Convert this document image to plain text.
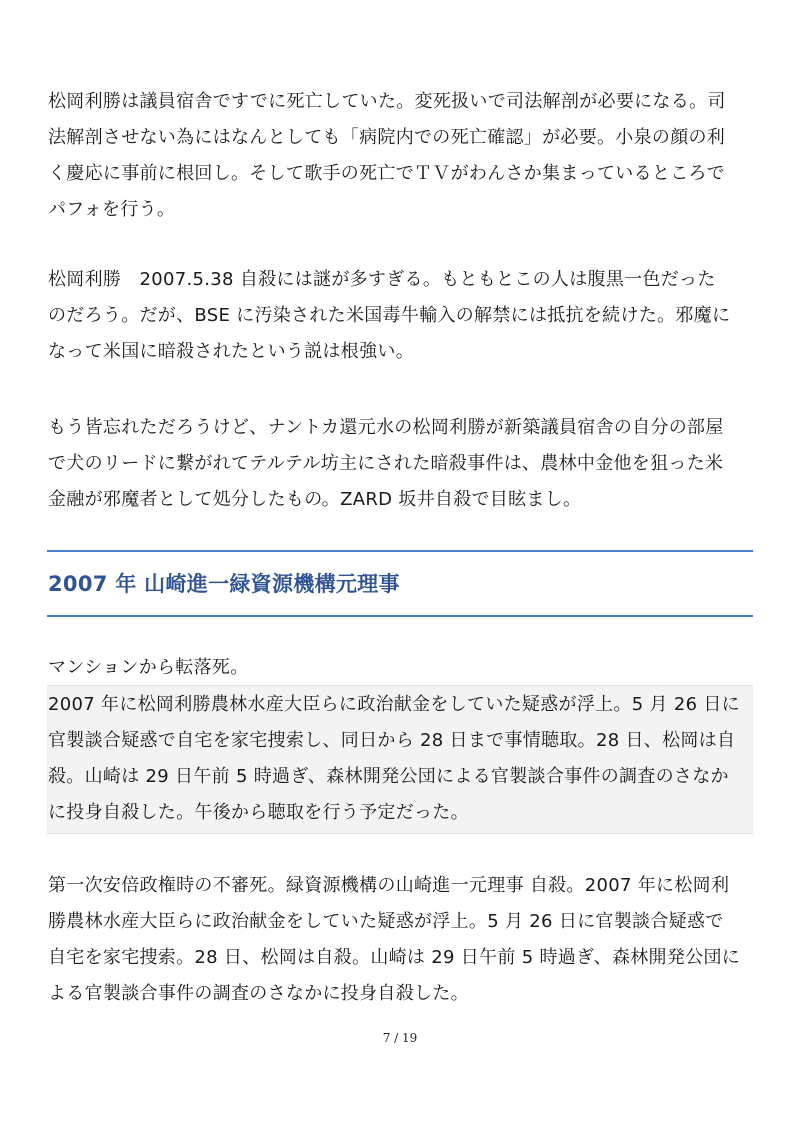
松岡利勝は議員宿舎ですでに死亡していた。変死扱いで司法解剖が必要になる。司
法解剖させない為にはなんとしても「病院内での死亡確認」が必要。小泉の顔の利
く慶応に事前に根回し。そして歌手の死亡でＴＶがわんさか集まっているところで
パフォを行う。

松岡利勝　2007.5.38 自殺には謎が多すぎる。もともとこの人は腹黒一色だった
のだろう。だが、BSE に汚染された米国毒牛輸入の解禁には抵抗を続けた。邪魔に
なって米国に暗殺されたという説は根強い。

もう皆忘れただろうけど、ナントカ還元水の松岡利勝が新築議員宿舎の自分の部屋
で犬のリードに繋がれてテルテル坊主にされた暗殺事件は、農林中金他を狙った米
金融が邪魔者として処分したもの。ZARD 坂井自殺で目眩まし。

2007 年 山崎進一緑資源機構元理事

マンションから転落死。

2007 年に松岡利勝農林水産大臣らに政治献金をしていた疑惑が浮上。5 月 26 日に
官製談合疑惑で自宅を家宅捜索し、同日から 28 日まで事情聴取。28 日、松岡は自
殺。山崎は 29 日午前 5 時過ぎ、森林開発公団による官製談合事件の調査のさなか
に投身自殺した。午後から聴取を行う予定だった。

第一次安倍政権時の不審死。緑資源機構の山崎進一元理事 自殺。2007 年に松岡利
勝農林水産大臣らに政治献金をしていた疑惑が浮上。5 月 26 日に官製談合疑惑で
自宅を家宅捜索。28 日、松岡は自殺。山崎は 29 日午前 5 時過ぎ、森林開発公団に
よる官製談合事件の調査のさなかに投身自殺した。

7 / 19
